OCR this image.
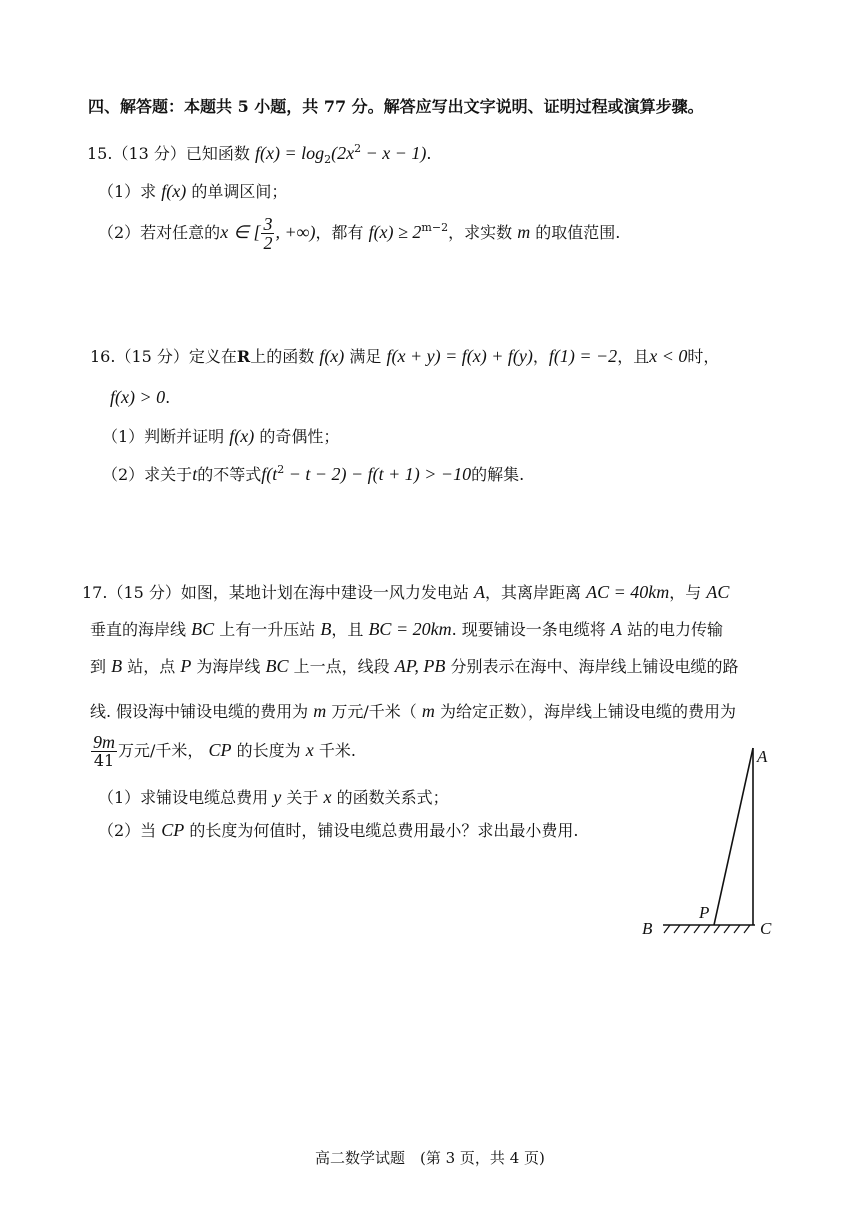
四、解答题：本题共 5 小题，共 77 分。解答应写出文字说明、证明过程或演算步骤。
15.（13 分）已知函数 $f(x) = \log_2(2x^2 - x - 1)$.
（1）求 f(x) 的单调区间；
（2）若对任意的x ∈ [ $\frac{3}{2}$ , +∞)，都有 $f(x) \ge 2^{m-2}$，求实数 m 的取值范围.
16.（15 分）定义在R上的函数 f(x) 满足 f(x + y) = f(x) + f(y)，f(1) = −2，且x < 0时，
f(x) > 0.
（1）判断并证明 f(x) 的奇偶性；
（2）求关于t的不等式$f(t^2 - t - 2) - f(t + 1) > -10$的解集.
17.（15 分）如图，某地计划在海中建设一风力发电站 A，其离岸距离 AC = 40km，与 AC
垂直的海岸线 BC 上有一升压站 B，且 BC = 20km. 现要铺设一条电缆将 A 站的电力传输
到 B 站，点 P 为海岸线 BC 上一点，线段 AP, PB 分别表示在海中、海岸线上铺设电缆的路
线. 假设海中铺设电缆的费用为 m 万元/千米（ m 为给定正数），海岸线上铺设电缆的费用为
$\frac{9m}{41}$ 万元/千米， CP 的长度为 x 千米.
（1）求铺设电缆总费用 y 关于 x 的函数关系式；
（2）当 CP 的长度为何值时，铺设电缆总费用最小？求出最小费用.
A
B	C
P
高二数学试题　(第 3 页，共 4 页)
